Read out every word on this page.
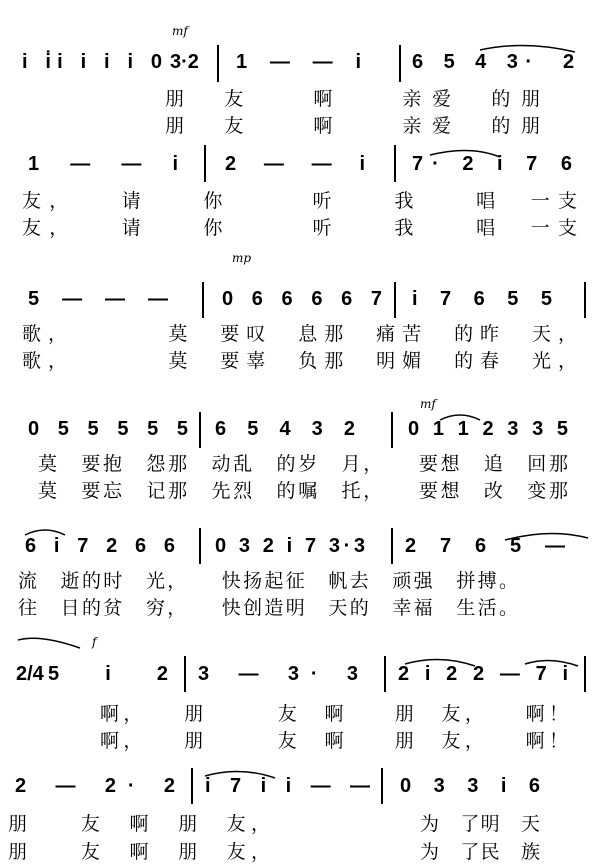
mf
i i̇i i i i 0 3·2 1 — — i	6 5 4 3· 2
朋　友　　啊　　亲爱　的朋
朋　友　　啊　　亲爱　的朋
1 — — i 2 — — i 7· 2 i 7 6
友，　　请　　你　　　听　　我　　唱　一支
友，　　请　　你　　　听　　我　　唱　一支
mp
5 — — —	0 6 6 6 6 7 i 7 6 5 5
歌，　　　　莫　要叹　息那　痛苦　的昨　天，
歌，　　　　莫　要辜　负那　明媚　的春　光，
mf
0 5 5 5 5 5 6 5 4 3 2	0 1 1 2 3 3 5
莫　要抱　怨那　动乱　的岁　月，　　要想　追　回那
莫　要忘　记那　先烈　的嘱　托，　　要想　改　变那
6 i 7 2 6 6 0 3 2 i 7 3·3 2 7 6 5 —
流　逝的时　光，　　快扬起征　帆去　顽强　拼搏。
往　日的贫　穷，　　快创造明　天的　幸福　生活。
f
2/4 5 i 2 3 — 3· 3 2 i 2 2 — 7 i
啊，　　朋　　　友　啊　　朋　友，　　啊！
啊，　　朋　　　友　啊　　朋　友，　　啊！
2 — 2· 2 i 7 i i — — 0 3 3 i 6
朋　　友　啊　朋　友，
朋　　友　啊　朋　友，
为　了明　天
为　了民　族
